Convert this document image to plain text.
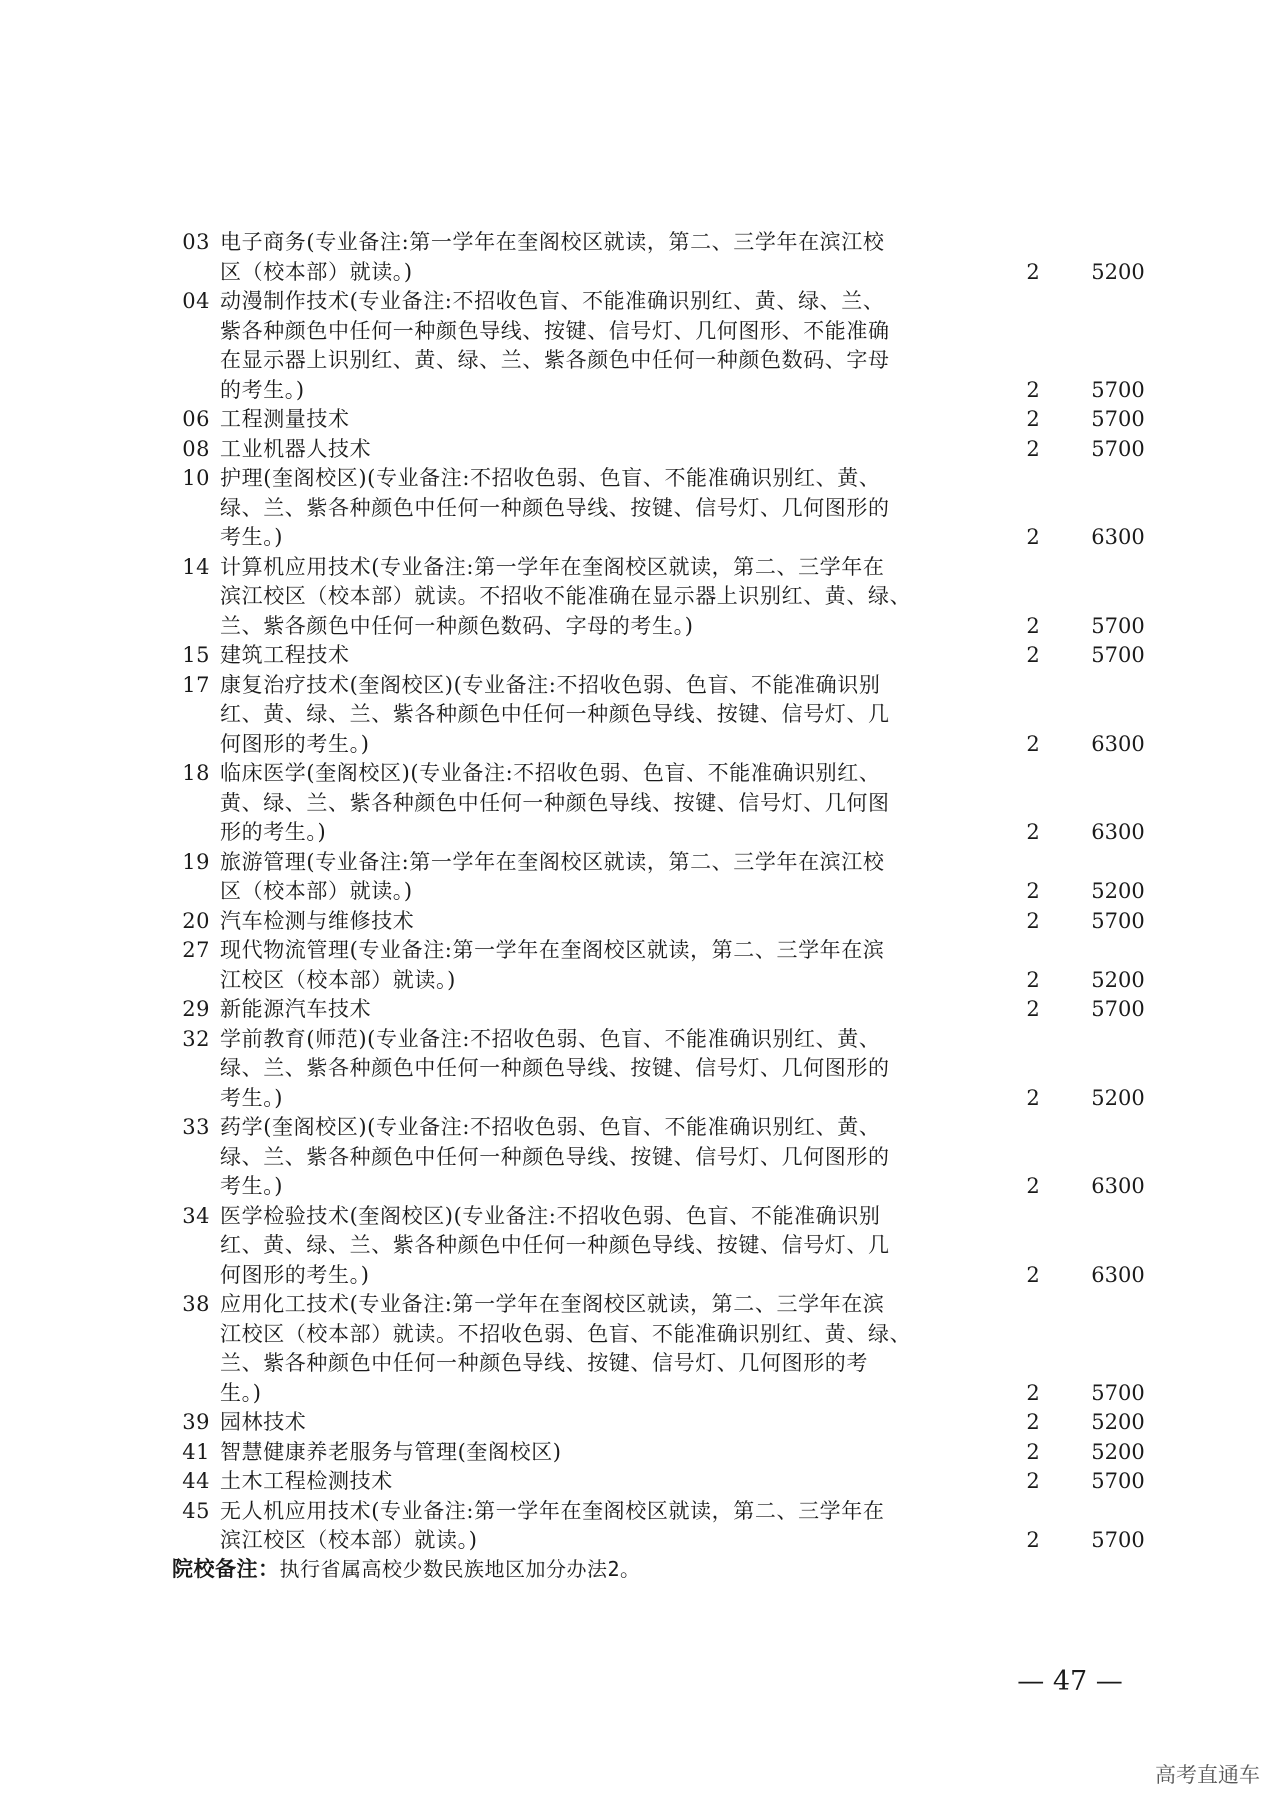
03 电子商务(专业备注:第一学年在奎阁校区就读，第二、三学年在滨江校
区（校本部）就读。)	2	5200
04 动漫制作技术(专业备注:不招收色盲、不能准确识别红、黄、绿、兰、
紫各种颜色中任何一种颜色导线、按键、信号灯、几何图形、不能准确
在显示器上识别红、黄、绿、兰、紫各颜色中任何一种颜色数码、字母
的考生。)	2	5700
06 工程测量技术	2	5700
08 工业机器人技术	2	5700
10 护理(奎阁校区)(专业备注:不招收色弱、色盲、不能准确识别红、黄、
绿、兰、紫各种颜色中任何一种颜色导线、按键、信号灯、几何图形的
考生。)	2	6300
14 计算机应用技术(专业备注:第一学年在奎阁校区就读，第二、三学年在
滨江校区（校本部）就读。不招收不能准确在显示器上识别红、黄、绿、
兰、紫各颜色中任何一种颜色数码、字母的考生。)	2	5700
15 建筑工程技术	2	5700
17 康复治疗技术(奎阁校区)(专业备注:不招收色弱、色盲、不能准确识别
红、黄、绿、兰、紫各种颜色中任何一种颜色导线、按键、信号灯、几
何图形的考生。)	2	6300
18 临床医学(奎阁校区)(专业备注:不招收色弱、色盲、不能准确识别红、
黄、绿、兰、紫各种颜色中任何一种颜色导线、按键、信号灯、几何图
形的考生。)	2	6300
19 旅游管理(专业备注:第一学年在奎阁校区就读，第二、三学年在滨江校
区（校本部）就读。)	2	5200
20 汽车检测与维修技术	2	5700
27 现代物流管理(专业备注:第一学年在奎阁校区就读，第二、三学年在滨
江校区（校本部）就读。)	2	5200
29 新能源汽车技术	2	5700
32 学前教育(师范)(专业备注:不招收色弱、色盲、不能准确识别红、黄、
绿、兰、紫各种颜色中任何一种颜色导线、按键、信号灯、几何图形的
考生。)	2	5200
33 药学(奎阁校区)(专业备注:不招收色弱、色盲、不能准确识别红、黄、
绿、兰、紫各种颜色中任何一种颜色导线、按键、信号灯、几何图形的
考生。)	2	6300
34 医学检验技术(奎阁校区)(专业备注:不招收色弱、色盲、不能准确识别
红、黄、绿、兰、紫各种颜色中任何一种颜色导线、按键、信号灯、几
何图形的考生。)	2	6300
38 应用化工技术(专业备注:第一学年在奎阁校区就读，第二、三学年在滨
江校区（校本部）就读。不招收色弱、色盲、不能准确识别红、黄、绿、
兰、紫各种颜色中任何一种颜色导线、按键、信号灯、几何图形的考
生。)	2	5700
39 园林技术	2	5200
41 智慧健康养老服务与管理(奎阁校区)	2	5200
44 土木工程检测技术	2	5700
45 无人机应用技术(专业备注:第一学年在奎阁校区就读，第二、三学年在
滨江校区（校本部）就读。)	2	5700
院校备注：执行省属高校少数民族地区加分办法2。
— 47 —
高考直通车
